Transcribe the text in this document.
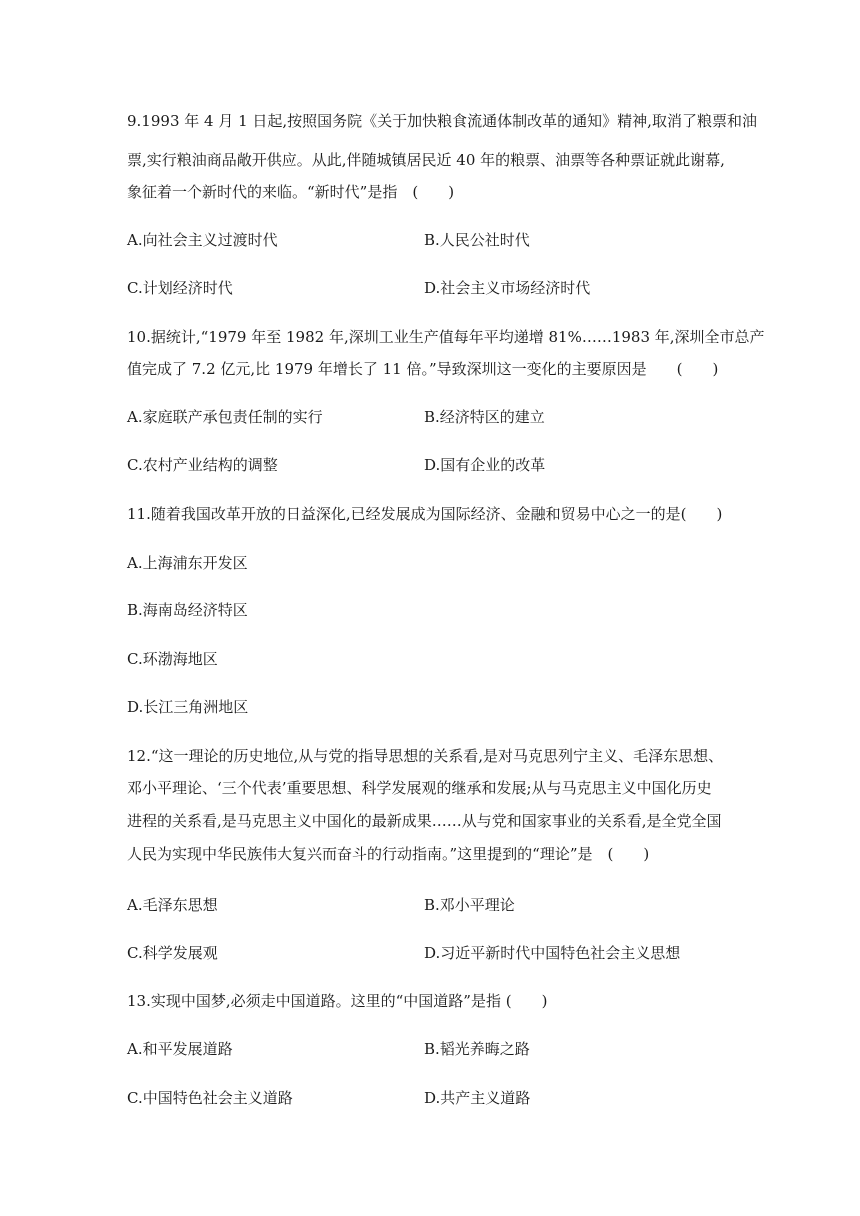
9.1993 年 4 月 1 日起,按照国务院《关于加快粮食流通体制改革的通知》精神,取消了粮票和油
票,实行粮油商品敞开供应。从此,伴随城镇居民近 40 年的粮票、油票等各种票证就此谢幕,
象征着一个新时代的来临。“新时代”是指　(　　)
A.向社会主义过渡时代	B.人民公社时代
C.计划经济时代	D.社会主义市场经济时代
10.据统计,“1979 年至 1982 年,深圳工业生产值每年平均递增 81%……1983 年,深圳全市总产
值完成了 7.2 亿元,比 1979 年增长了 11 倍。”导致深圳这一变化的主要原因是　　(　　)
A.家庭联产承包责任制的实行	B.经济特区的建立
C.农村产业结构的调整	D.国有企业的改革
11.随着我国改革开放的日益深化,已经发展成为国际经济、金融和贸易中心之一的是(　　)
A.上海浦东开发区
B.海南岛经济特区
C.环渤海地区
D.长江三角洲地区
12.“这一理论的历史地位,从与党的指导思想的关系看,是对马克思列宁主义、毛泽东思想、
邓小平理论、‘三个代表’重要思想、科学发展观的继承和发展;从与马克思主义中国化历史
进程的关系看,是马克思主义中国化的最新成果……从与党和国家事业的关系看,是全党全国
人民为实现中华民族伟大复兴而奋斗的行动指南。”这里提到的“理论”是　(　　)
A.毛泽东思想	B.邓小平理论
C.科学发展观	D.习近平新时代中国特色社会主义思想
13.实现中国梦,必须走中国道路。这里的“中国道路”是指 (　　)
A.和平发展道路	B.韬光养晦之路
C.中国特色社会主义道路	D.共产主义道路
